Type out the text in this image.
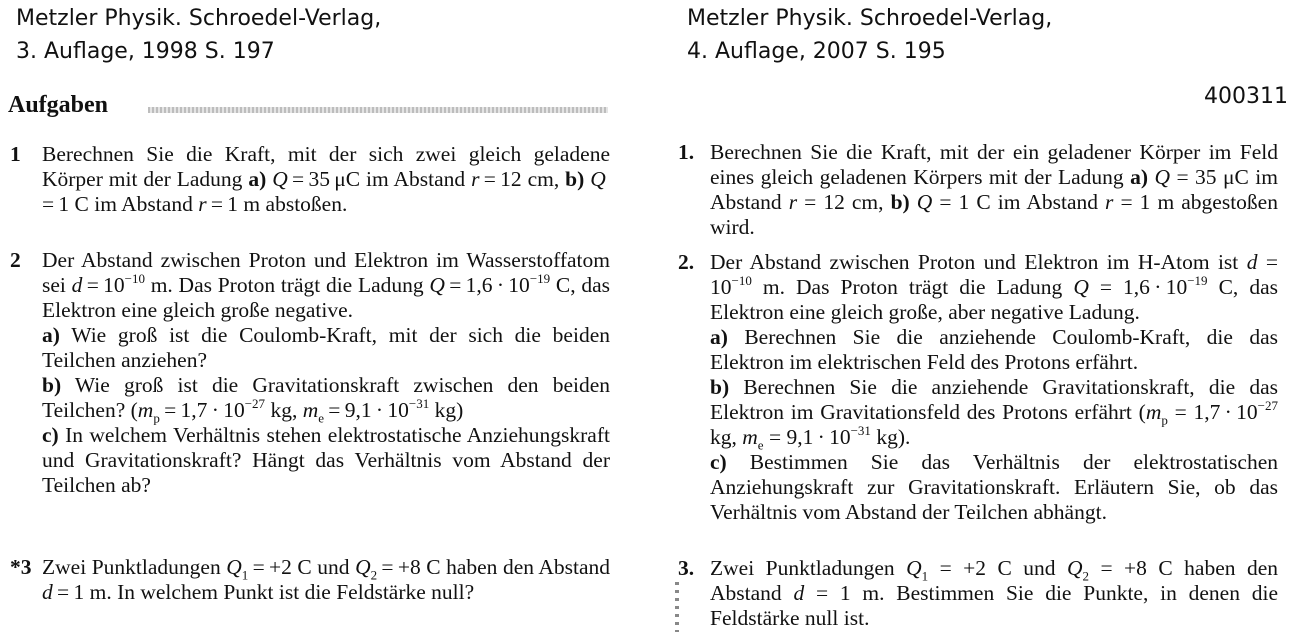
Metzler Physik. Schroedel-Verlag,
3. Auflage, 1998 S. 197
Aufgaben
1 Berechnen Sie die Kraft, mit der sich zwei gleich geladene Körper mit der Ladung a) Q = 35 μC im Abstand r = 12 cm, b) Q = 1 C im Abstand r = 1 m abstoßen.

2 Der Abstand zwischen Proton und Elektron im Wasserstoffatom sei $d = 10^{-10}$ m. Das Proton trägt die Ladung $Q = 1,6 \cdot 10^{-19}$ C, das Elektron eine gleich große negative.
a) Wie groß ist die Coulomb-Kraft, mit der sich die beiden Teilchen anziehen?
b) Wie groß ist die Gravitationskraft zwischen den beiden Teilchen? ($m_p = 1,7 \cdot 10^{-27}$ kg, $m_e = 9,1 \cdot 10^{-31}$ kg)
c) In welchem Verhältnis stehen elektrostatische Anziehungskraft und Gravitationskraft? Hängt das Verhältnis vom Abstand der Teilchen ab?

*3 Zwei Punktladungen $Q_1 = +2$ C und $Q_2 = +8$ C haben den Abstand d = 1 m. In welchem Punkt ist die Feldstärke null?

Metzler Physik. Schroedel-Verlag,
4. Auflage, 2007 S. 195
400311
1. Berechnen Sie die Kraft, mit der ein geladener Körper im Feld eines gleich geladenen Körpers mit der Ladung a) Q = 35 μC im Abstand r = 12 cm, b) Q = 1 C im Abstand r = 1 m abgestoßen wird.

2. Der Abstand zwischen Proton und Elektron im H-Atom ist $d = 10^{-10}$ m. Das Proton trägt die Ladung $Q = 1,6 \cdot 10^{-19}$ C, das Elektron eine gleich große, aber negative Ladung.
a) Berechnen Sie die anziehende Coulomb-Kraft, die das Elektron im elektrischen Feld des Protons erfährt.
b) Berechnen Sie die anziehende Gravitationskraft, die das Elektron im Gravitationsfeld des Protons erfährt ($m_p = 1,7 \cdot 10^{-27}$ kg, $m_e = 9,1 \cdot 10^{-31}$ kg).
c) Bestimmen Sie das Verhältnis der elektrostatischen Anziehungskraft zur Gravitationskraft. Erläutern Sie, ob das Verhältnis vom Abstand der Teilchen abhängt.

3. Zwei Punktladungen $Q_1 = +2$ C und $Q_2 = +8$ C haben den Abstand d = 1 m. Bestimmen Sie die Punkte, in denen die Feldstärke null ist.
